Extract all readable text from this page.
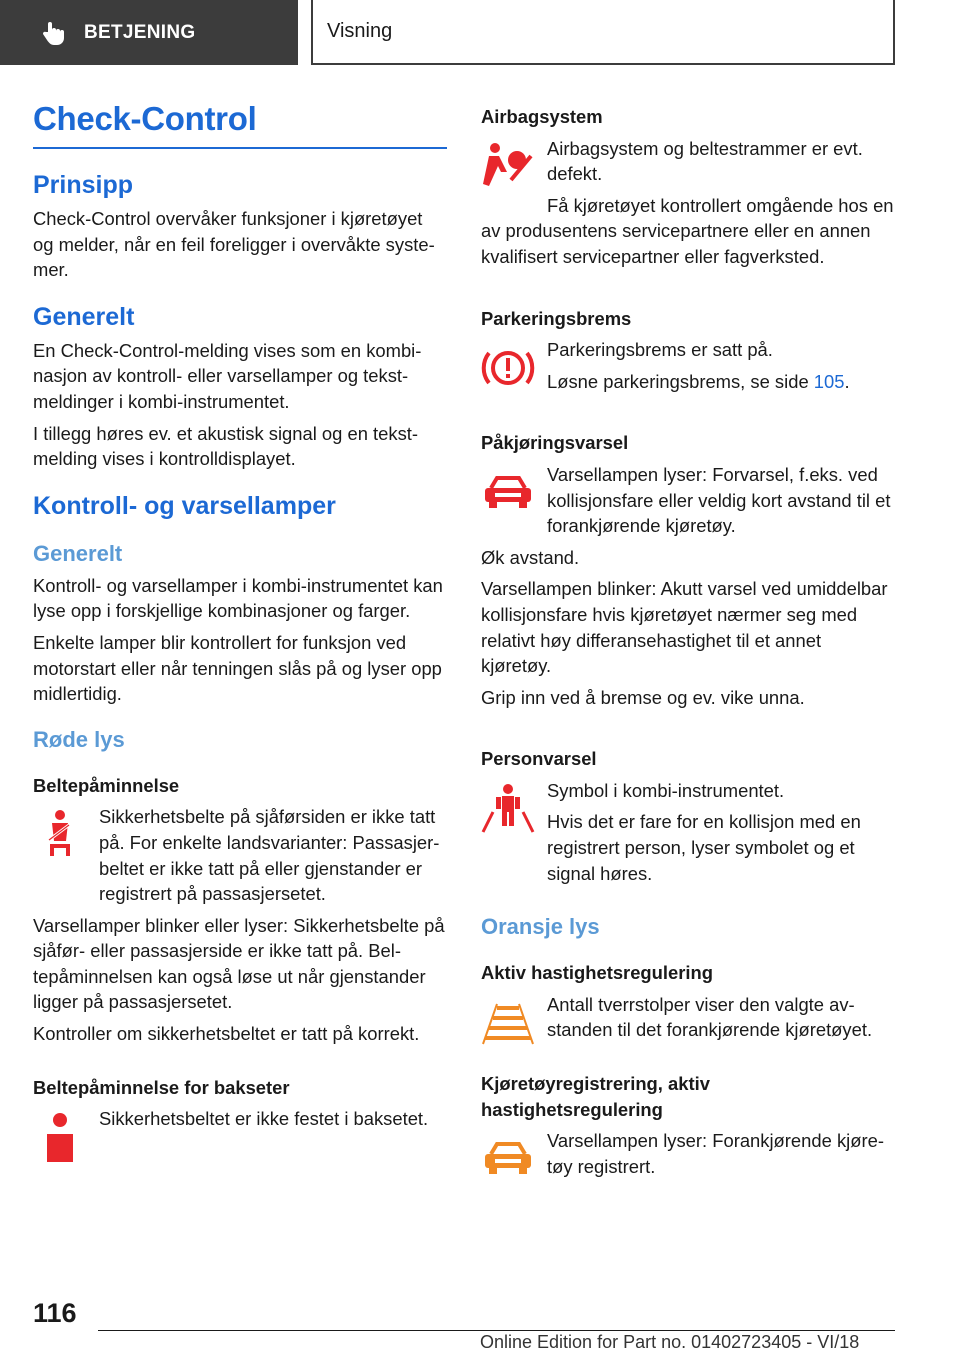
BETJENING	Visning
Check-Control
Prinsipp

Check-Control overvåker funksjoner i kjøretøyet og melder, når en feil foreligger i overvåkte systemer.

Generelt

En Check-Control-melding vises som en kombinasjon av kontroll- eller varsellamper og tekstmeldinger i kombi-instrumentet.

I tillegg høres ev. et akustisk signal og en tekstmelding vises i kontrolldisplayet.

Kontroll- og varsellamper
Generelt

Kontroll- og varsellamper i kombi-instrumentet kan lyse opp i forskjellige kombinasjoner og farger.

Enkelte lamper blir kontrollert for funksjon ved motorstart eller når tenningen slås på og lyser opp midlertidig.

Røde lys
Beltepåminnelse

Sikkerhetsbelte på sjåførsiden er ikke tatt på. For enkelte landsvarianter: Passasjerbeltet er ikke tatt på eller gjenstander er registrert på passasjersetet.

Varsellamper blinker eller lyser: Sikkerhetsbelte på sjåfør- eller passasjerside er ikke tatt på. Beltepåminnelsen kan også løse ut når gjenstander ligger på passasjersetet.

Kontroller om sikkerhetsbeltet er tatt på korrekt.

Beltepåminnelse for bakseter

Sikkerhetsbeltet er ikke festet i baksetet.

Airbagsystem

Airbagsystem og beltestrammer er evt. defekt.

Få kjøretøyet kontrollert omgående hos en av produsentens servicepartnere eller en annen kvalifisert servicepartner eller fagverksted.

Parkeringsbrems

Parkeringsbrems er satt på.

Løsne parkeringsbrems, se side 105.

Påkjøringsvarsel

Varsellampen lyser: Forvarsel, f.eks. ved kollisjonsfare eller veldig kort avstand til et forankjørende kjøretøy.

Øk avstand.

Varsellampen blinker: Akutt varsel ved umiddelbar kollisjonsfare hvis kjøretøyet nærmer seg med relativt høy differansehastighet til et annet kjøretøy.

Grip inn ved å bremse og ev. vike unna.

Personvarsel

Symbol i kombi-instrumentet.

Hvis det er fare for en kollisjon med en registrert person, lyser symbolet og et signal høres.

Oransje lys
Aktiv hastighetsregulering

Antall tverrstolper viser den valgte avstanden til det forankjørende kjøretøyet.

Kjøretøyregistrering, aktiv hastighetsregulering

Varsellampen lyser: Forankjørende kjøretøy registrert.

116
Online Edition for Part no. 01402723405 - VI/18
